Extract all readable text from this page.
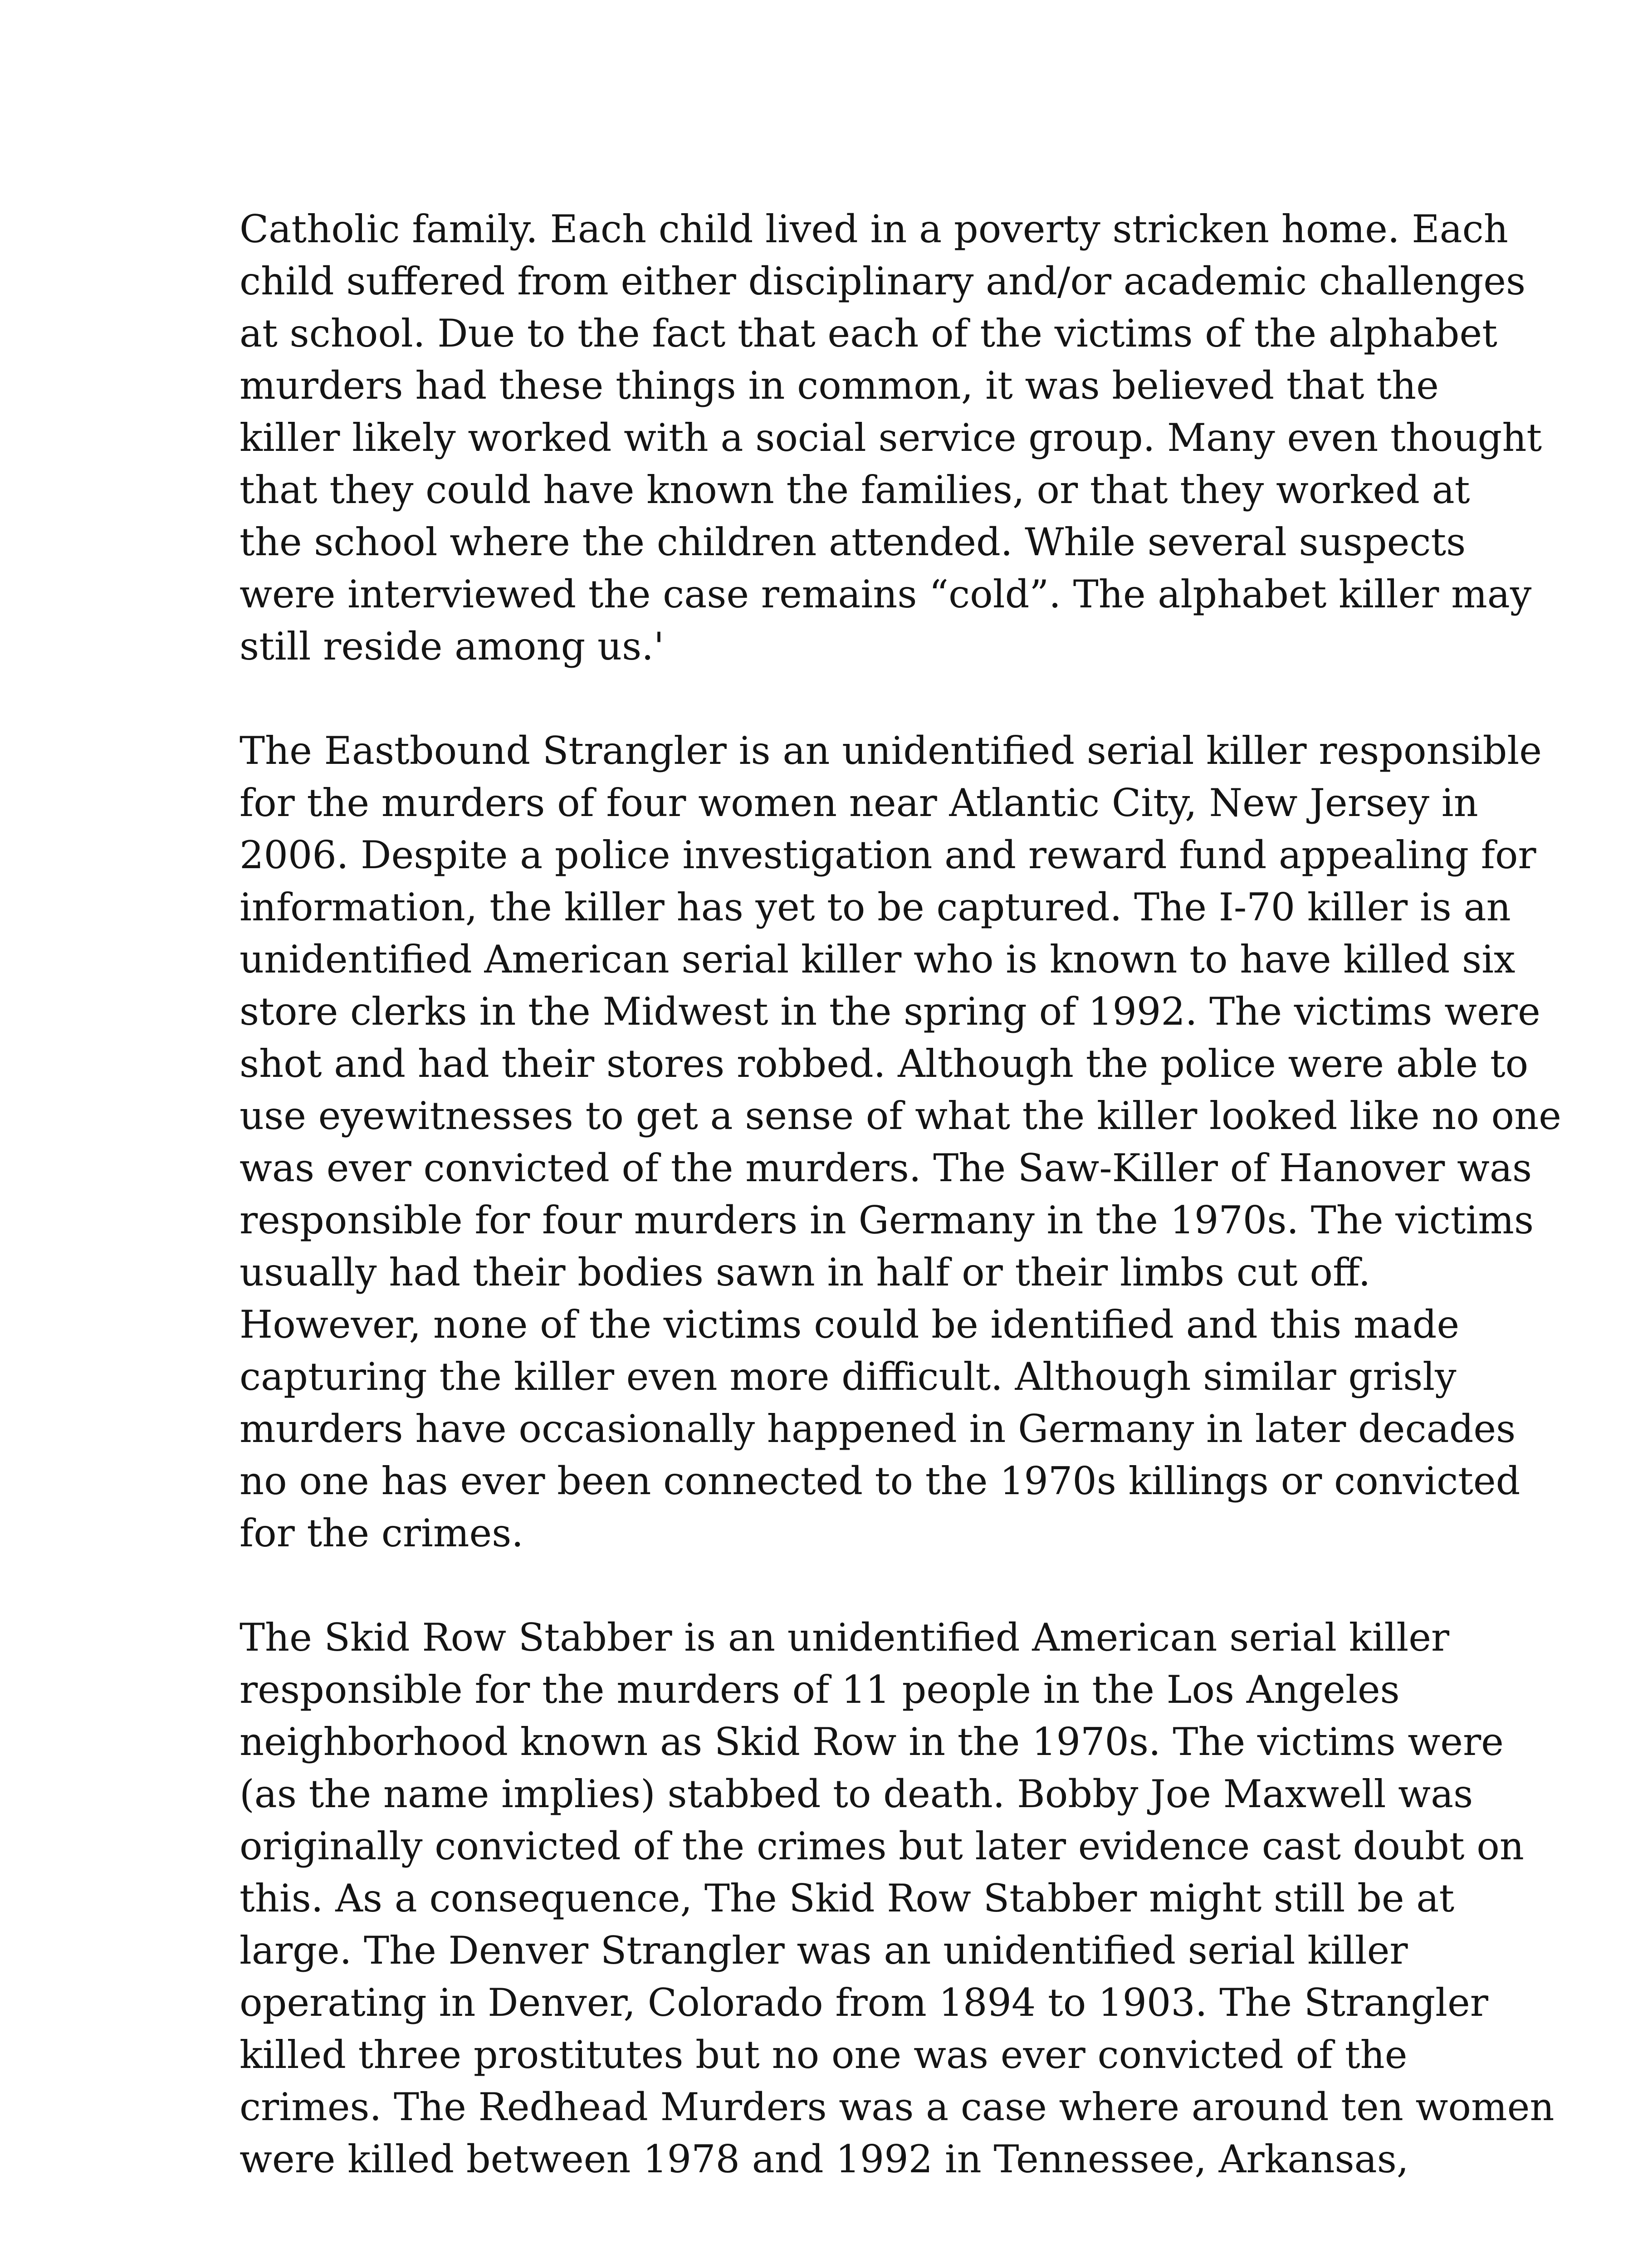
Catholic family. Each child lived in a poverty stricken home. Each
child suffered from either disciplinary and/or academic challenges
at school. Due to the fact that each of the victims of the alphabet
murders had these things in common, it was believed that the
killer likely worked with a social service group. Many even thought
that they could have known the families, or that they worked at
the school where the children attended. While several suspects
were interviewed the case remains “cold”. The alphabet killer may
still reside among us.'
The Eastbound Strangler is an unidentified serial killer responsible
for the murders of four women near Atlantic City, New Jersey in
2006. Despite a police investigation and reward fund appealing for
information, the killer has yet to be captured. The I-70 killer is an
unidentified American serial killer who is known to have killed six
store clerks in the Midwest in the spring of 1992. The victims were
shot and had their stores robbed. Although the police were able to
use eyewitnesses to get a sense of what the killer looked like no one
was ever convicted of the murders. The Saw-Killer of Hanover was
responsible for four murders in Germany in the 1970s. The victims
usually had their bodies sawn in half or their limbs cut off.
However, none of the victims could be identified and this made
capturing the killer even more difficult. Although similar grisly
murders have occasionally happened in Germany in later decades
no one has ever been connected to the 1970s killings or convicted
for the crimes.
The Skid Row Stabber is an unidentified American serial killer
responsible for the murders of 11 people in the Los Angeles
neighborhood known as Skid Row in the 1970s. The victims were
(as the name implies) stabbed to death. Bobby Joe Maxwell was
originally convicted of the crimes but later evidence cast doubt on
this. As a consequence, The Skid Row Stabber might still be at
large. The Denver Strangler was an unidentified serial killer
operating in Denver, Colorado from 1894 to 1903. The Strangler
killed three prostitutes but no one was ever convicted of the
crimes. The Redhead Murders was a case where around ten women
were killed between 1978 and 1992 in Tennessee, Arkansas,
